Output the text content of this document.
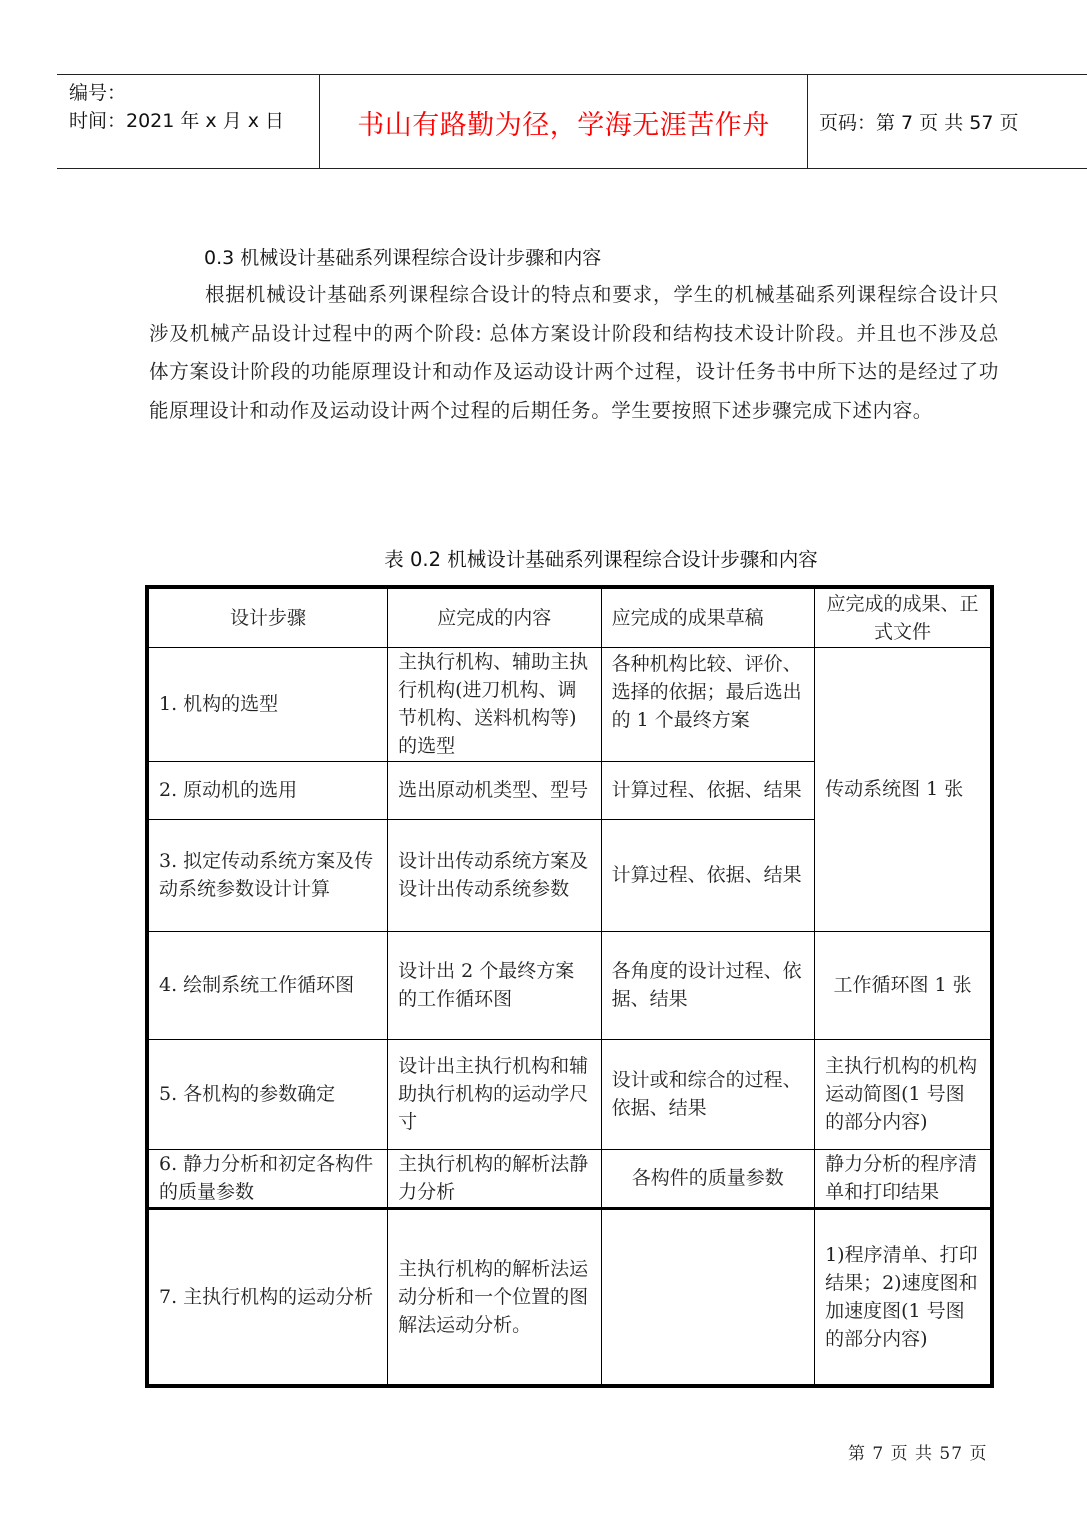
编号：
时间：2021 年 x 月 x 日	书山有路勤为径，学海无涯苦作舟	页码：第 7 页 共 57 页
0.3 机械设计基础系列课程综合设计步骤和内容
根据机械设计基础系列课程综合设计的特点和要求，学生的机械基础系列课程综合设计只涉及机械产品设计过程中的两个阶段: 总体方案设计阶段和结构技术设计阶段。并且也不涉及总体方案设计阶段的功能原理设计和动作及运动设计两个过程，设计任务书中所下达的是经过了功能原理设计和动作及运动设计两个过程的后期任务。学生要按照下述步骤完成下述内容。
表 0.2 机械设计基础系列课程综合设计步骤和内容
设计步骤	应完成的内容	应完成的成果草稿	应完成的成果、正式文件
1. 机构的选型	主执行机构、辅助主执行机构(进刀机构、调节机构、送料机构等)的选型	各种机构比较、评价、选择的依据；最后选出的 1 个最终方案	传动系统图 1 张
2. 原动机的选用	选出原动机类型、型号	计算过程、依据、结果	
3. 拟定传动系统方案及传动系统参数设计计算	设计出传动系统方案及设计出传动系统参数	计算过程、依据、结果	
4. 绘制系统工作循环图	设计出 2 个最终方案的工作循环图	各角度的设计过程、依据、结果	工作循环图 1 张
5. 各机构的参数确定	设计出主执行机构和辅助执行机构的运动学尺寸	设计或和综合的过程、依据、结果	主执行机构的机构运动简图(1 号图的部分内容)
6. 静力分析和初定各构件的质量参数	主执行机构的解析法静力分析	各构件的质量参数	静力分析的程序清单和打印结果
7. 主执行机构的运动分析	主执行机构的解析法运动分析和一个位置的图解法运动分析。		1)程序清单、打印结果；2)速度图和加速度图(1 号图的部分内容)
第 7 页 共 57 页
